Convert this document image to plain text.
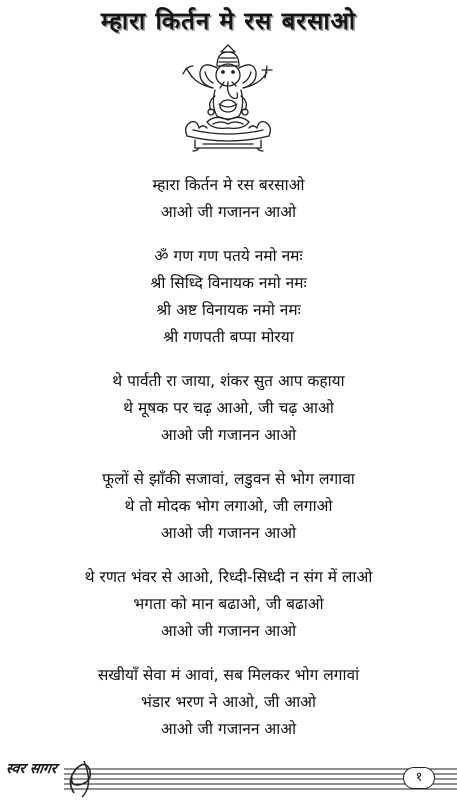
म्हारा किर्तन मे रस बरसाओ
म्हारा किर्तन मे रस बरसाओ
आओ जी गजानन आओ
ॐ गण गण पतये नमो नमः
श्री सिध्दि विनायक नमो नमः
श्री अष्ट विनायक नमो नमः
श्री गणपती बप्पा मोरया
थे पार्वती रा जाया, शंकर सुत आप कहाया
थे मूषक पर चढ़ आओ, जी चढ़ आओ
आओ जी गजानन आओ
फूलों से झाँकी सजावां, लडुवन से भोग लगावा
थे तो मोदक भोग लगाओ, जी लगाओ
आओ जी गजानन आओ
थे रणत भंवर से आओ, रिध्दी-सिध्दी न संग में लाओ
भगता को मान बढाओ, जी बढाओ
आओ जी गजानन आओ
सखीयाँ सेवा मं आवां, सब मिलकर भोग लगावां
भंडार भरण ने आओ, जी आओ
आओ जी गजानन आओ
स्वर सागर
१
